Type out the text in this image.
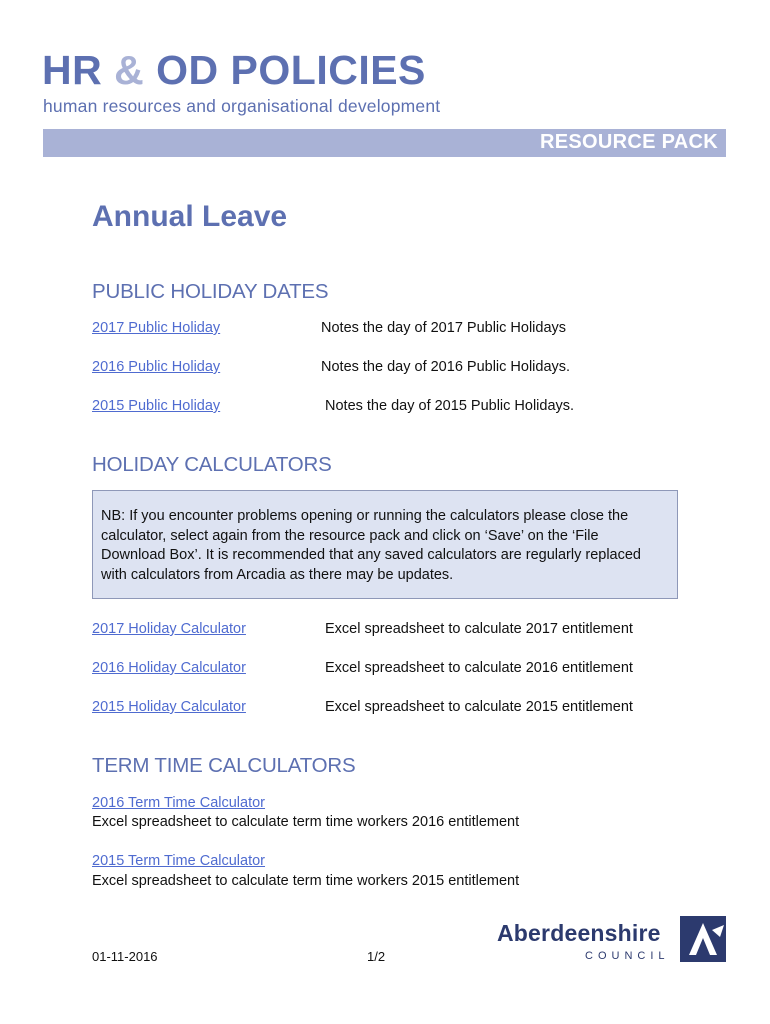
HR & OD POLICIES
human resources and organisational development
RESOURCE PACK
Annual Leave
PUBLIC HOLIDAY DATES
2017 Public Holiday	Notes the day of 2017 Public Holidays
2016 Public Holiday	Notes the day of 2016 Public Holidays.
2015 Public Holiday	Notes the day of 2015 Public Holidays.
HOLIDAY CALCULATORS
NB: If you encounter problems opening or running the calculators please close the calculator, select again from the resource pack and click on ‘Save’ on the ‘File Download Box’. It is recommended that any saved calculators are regularly replaced with calculators from Arcadia as there may be updates.
2017 Holiday Calculator	Excel spreadsheet to calculate 2017 entitlement
2016 Holiday Calculator	Excel spreadsheet to calculate 2016 entitlement
2015 Holiday Calculator	Excel spreadsheet to calculate 2015 entitlement
TERM TIME CALCULATORS
2016 Term Time Calculator
Excel spreadsheet to calculate term time workers 2016 entitlement
2015 Term Time Calculator
Excel spreadsheet to calculate term time workers 2015 entitlement
Aberdeenshire
COUNCIL
01-11-2016	1/2
